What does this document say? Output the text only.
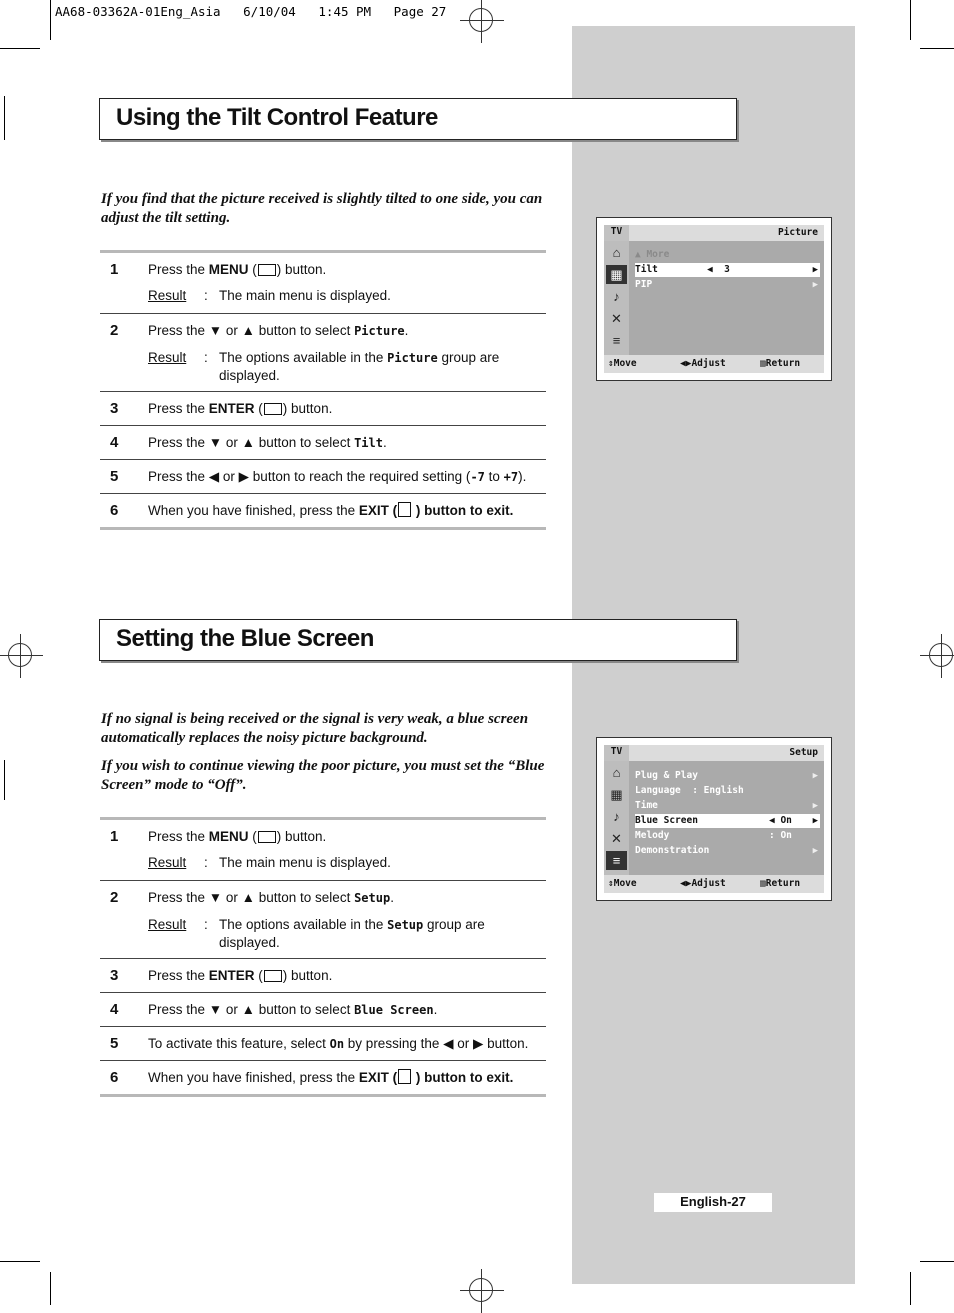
AA68-03362A-01Eng_Asia   6/10/04   1:45 PM   Page 27
Using the Tilt Control Feature
If you find that the picture received is slightly tilted to one side, you can adjust the tilt setting.
1 Press the MENU ( ) button.
Result : The main menu is displayed.
2 Press the ▼ or ▲ button to select Picture.
Result : The options available in the Picture group are displayed.
3 Press the ENTER ( ) button.
4 Press the ▼ or ▲ button to select Tilt.
5 Press the ◀ or ▶ button to reach the required setting (-7 to +7).
6 When you have finished, press the EXIT ( ) button to exit.
TV	Picture
⌂
▦
♪
✕
≡
▲ More
Tilt	◀  3	▶
PIP	▶
⇕ Move	◀▶ Adjust	▥ Return
Setting the Blue Screen
If no signal is being received or the signal is very weak, a blue screen automatically replaces the noisy picture background.
If you wish to continue viewing the poor picture, you must set the “Blue Screen” mode to “Off”.
1 Press the MENU ( ) button.
Result : The main menu is displayed.
2 Press the ▼ or ▲ button to select Setup.
Result : The options available in the Setup group are displayed.
3 Press the ENTER ( ) button.
4 Press the ▼ or ▲ button to select Blue Screen.
5 To activate this feature, select On by pressing the ◀ or ▶ button.
6 When you have finished, press the EXIT ( ) button to exit.
TV	Setup
⌂
▦
♪
✕
≡
Plug & Play	▶
Language  : English
Time	▶
Blue Screen	◀ On ▶
Melody	: On
Demonstration	▶
⇕ Move	◀▶ Adjust	▥ Return
English-27
